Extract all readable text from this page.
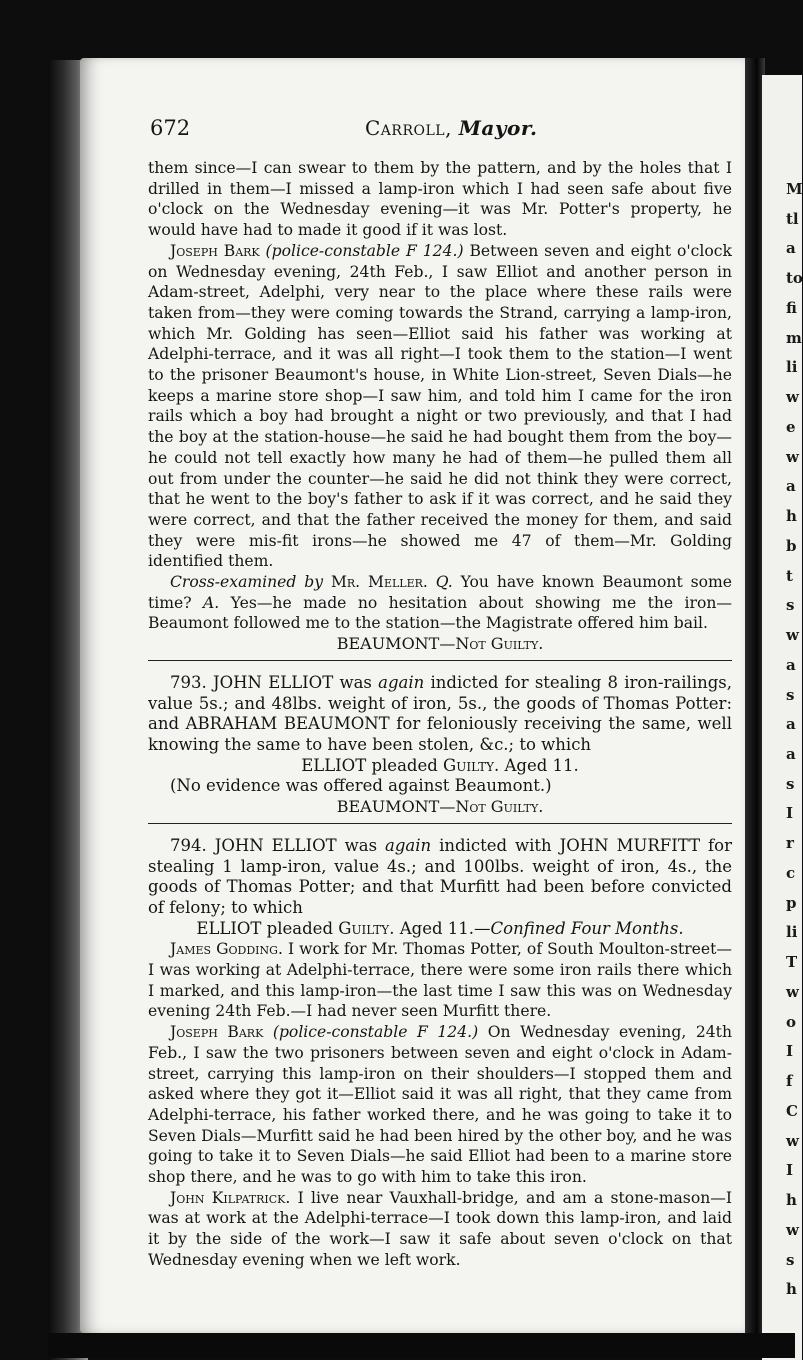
M
tl
a
to
fi
m
li
w
e
w
a
h
b
t
s
w
a
s
a
a
s
I
r
c
p
li
T
w
o
I
f
C
w
I
h
w
s
h
672	Carroll, Mayor.

them since—I can swear to them by the pattern, and by the holes that I drilled in them—I missed a lamp-iron which I had seen safe about five o'clock on the Wednesday evening—it was Mr. Potter's property, he would have had to made it good if it was lost.

Joseph Bark (police-constable F 124.) Between seven and eight o'clock on Wednesday evening, 24th Feb., I saw Elliot and another person in Adam-street, Adelphi, very near to the place where these rails were taken from—they were coming towards the Strand, carrying a lamp-iron, which Mr. Golding has seen—Elliot said his father was working at Adelphi-terrace, and it was all right—I took them to the station—I went to the prisoner Beaumont's house, in White Lion-street, Seven Dials—he keeps a marine store shop—I saw him, and told him I came for the iron rails which a boy had brought a night or two previously, and that I had the boy at the station-house—he said he had bought them from the boy—he could not tell exactly how many he had of them—he pulled them all out from under the counter—he said he did not think they were correct, that he went to the boy's father to ask if it was correct, and he said they were correct, and that the father received the money for them, and said they were mis-fit irons—he showed me 47 of them—Mr. Golding identified them.

Cross-examined by Mr. Meller. Q. You have known Beaumont some time? A. Yes—he made no hesitation about showing me the iron—Beaumont followed me to the station—the Magistrate offered him bail.

BEAUMONT—Not Guilty.

793. JOHN ELLIOT was again indicted for stealing 8 iron-railings, value 5s.; and 48lbs. weight of iron, 5s., the goods of Thomas Potter: and ABRAHAM BEAUMONT for feloniously receiving the same, well knowing the same to have been stolen, &c.; to which

ELLIOT pleaded Guilty. Aged 11.

(No evidence was offered against Beaumont.)

BEAUMONT—Not Guilty.

794. JOHN ELLIOT was again indicted with JOHN MURFITT for stealing 1 lamp-iron, value 4s.; and 100lbs. weight of iron, 4s., the goods of Thomas Potter; and that Murfitt had been before convicted of felony; to which

ELLIOT pleaded Guilty. Aged 11.—Confined Four Months.

James Godding. I work for Mr. Thomas Potter, of South Moulton-street—I was working at Adelphi-terrace, there were some iron rails there which I marked, and this lamp-iron—the last time I saw this was on Wednesday evening 24th Feb.—I had never seen Murfitt there.

Joseph Bark (police-constable F 124.) On Wednesday evening, 24th Feb., I saw the two prisoners between seven and eight o'clock in Adam-street, carrying this lamp-iron on their shoulders—I stopped them and asked where they got it—Elliot said it was all right, that they came from Adelphi-terrace, his father worked there, and he was going to take it to Seven Dials—Murfitt said he had been hired by the other boy, and he was going to take it to Seven Dials—he said Elliot had been to a marine store shop there, and he was to go with him to take this iron.

John Kilpatrick. I live near Vauxhall-bridge, and am a stone-mason—I was at work at the Adelphi-terrace—I took down this lamp-iron, and laid it by the side of the work—I saw it safe about seven o'clock on that Wednesday evening when we left work.
